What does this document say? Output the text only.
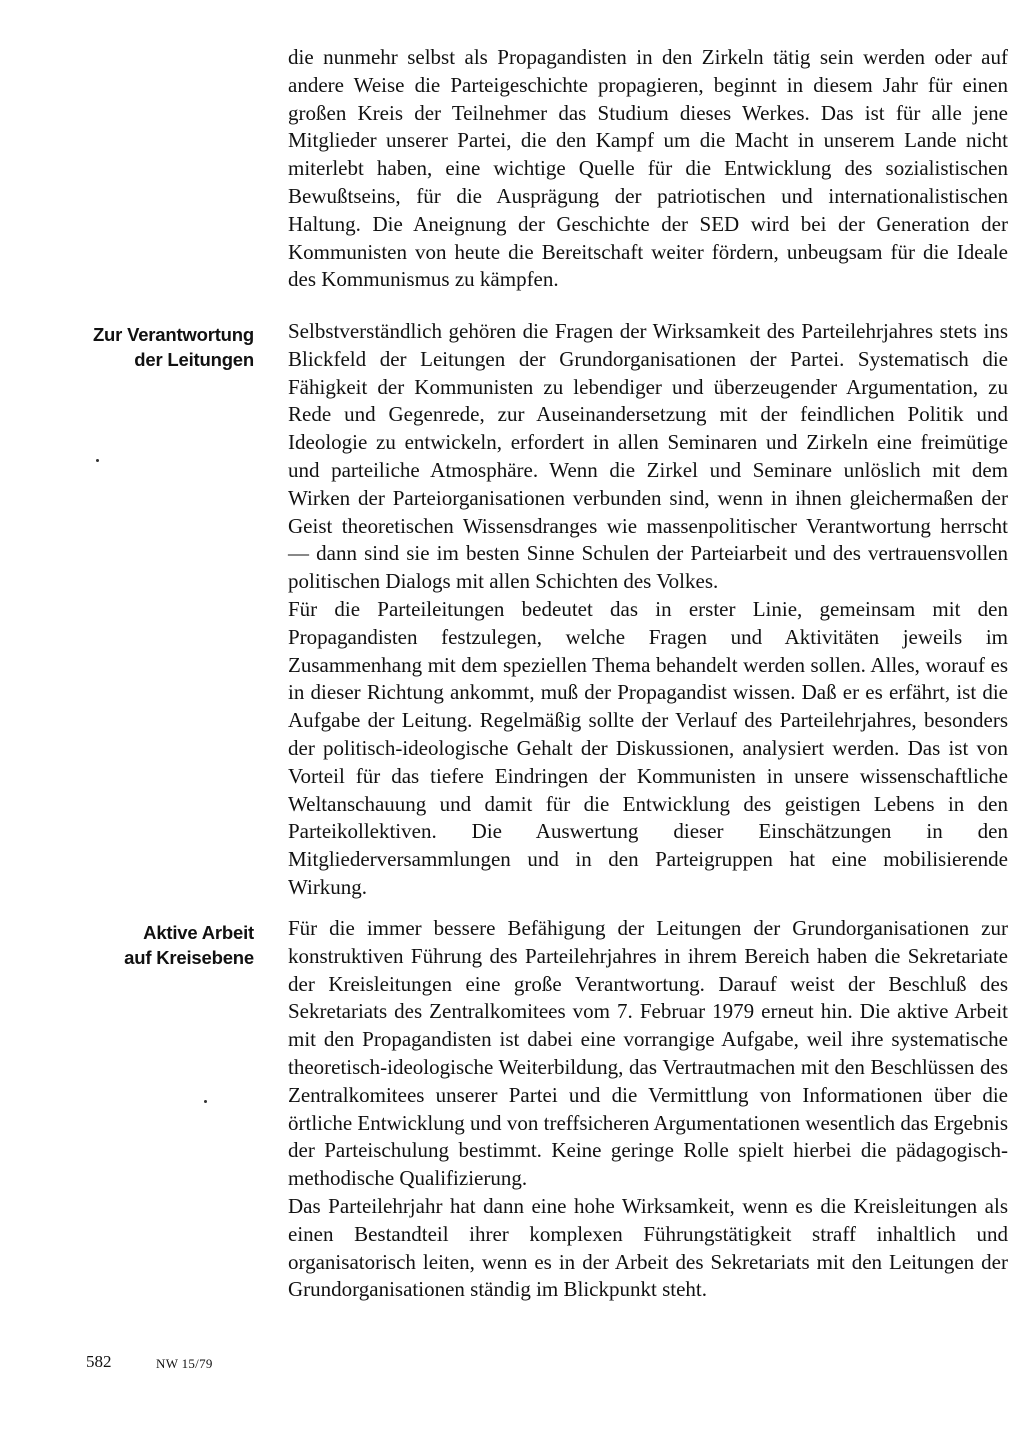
die nunmehr selbst als Propagandisten in den Zirkeln tätig sein werden oder auf andere Weise die Parteigeschichte propagieren, beginnt in diesem Jahr für einen großen Kreis der Teilnehmer das Studium dieses Werkes. Das ist für alle jene Mitglieder unserer Partei, die den Kampf um die Macht in unserem Lande nicht miterlebt haben, eine wichtige Quelle für die Entwicklung des sozialistischen Bewußtseins, für die Ausprägung der patriotischen und internationalistischen Haltung. Die Aneignung der Geschichte der SED wird bei der Generation der Kommunisten von heute die Bereitschaft weiter fördern, unbeugsam für die Ideale des Kommunismus zu kämpfen.

Zur Verantwortung
der Leitungen

Selbstverständlich gehören die Fragen der Wirksamkeit des Parteilehrjahres stets ins Blickfeld der Leitungen der Grundorganisationen der Partei. Systematisch die Fähigkeit der Kommunisten zu lebendiger und überzeugender Argumentation, zu Rede und Gegenrede, zur Auseinandersetzung mit der feindlichen Politik und Ideologie zu entwickeln, erfordert in allen Seminaren und Zirkeln eine freimütige und parteiliche Atmosphäre. Wenn die Zirkel und Seminare unlöslich mit dem Wirken der Parteiorganisationen verbunden sind, wenn in ihnen gleichermaßen der Geist theoretischen Wissensdranges wie massenpolitischer Verantwortung herrscht — dann sind sie im besten Sinne Schulen der Parteiarbeit und des vertrauensvollen politischen Dialogs mit allen Schichten des Volkes.

Für die Parteileitungen bedeutet das in erster Linie, gemeinsam mit den Propagandisten festzulegen, welche Fragen und Aktivitäten jeweils im Zusammenhang mit dem speziellen Thema behandelt werden sollen. Alles, worauf es in dieser Richtung ankommt, muß der Propagandist wissen. Daß er es erfährt, ist die Aufgabe der Leitung. Regelmäßig sollte der Verlauf des Parteilehrjahres, besonders der politisch-ideologische Gehalt der Diskussionen, analysiert werden. Das ist von Vorteil für das tiefere Eindringen der Kommunisten in unsere wissenschaftliche Weltanschauung und damit für die Entwicklung des geistigen Lebens in den Parteikollektiven. Die Auswertung dieser Einschätzungen in den Mitgliederversammlungen und in den Parteigruppen hat eine mobilisierende Wirkung.

Aktive Arbeit
auf Kreisebene

Für die immer bessere Befähigung der Leitungen der Grundorganisationen zur konstruktiven Führung des Parteilehrjahres in ihrem Bereich haben die Sekretariate der Kreisleitungen eine große Verantwortung. Darauf weist der Beschluß des Sekretariats des Zentralkomitees vom 7. Februar 1979 erneut hin. Die aktive Arbeit mit den Propagandisten ist dabei eine vorrangige Aufgabe, weil ihre systematische theoretisch-ideologische Weiterbildung, das Vertrautmachen mit den Beschlüssen des Zentralkomitees unserer Partei und die Vermittlung von Informationen über die örtliche Entwicklung und von treffsicheren Argumentationen wesentlich das Ergebnis der Parteischulung bestimmt. Keine geringe Rolle spielt hierbei die pädagogischmethodische Qualifizierung.

Das Parteilehrjahr hat dann eine hohe Wirksamkeit, wenn es die Kreisleitungen als einen Bestandteil ihrer komplexen Führungstätigkeit straff inhaltlich und organisatorisch leiten, wenn es in der Arbeit des Sekretariats mit den Leitungen der Grundorganisationen ständig im Blickpunkt steht.

582	NW 15/79
